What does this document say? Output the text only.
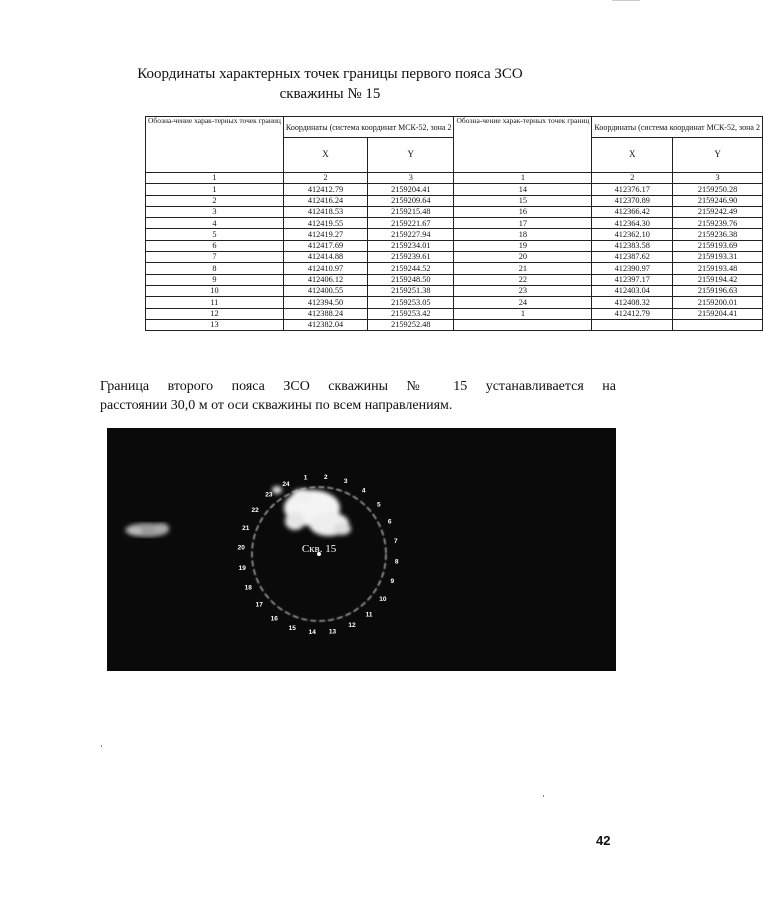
Координаты характерных точек границы первого пояса ЗСО
скважины № 15
Обозна-чение харак-терных точек границ	Координаты (система координат МСК-52, зона 2		Обозна-чение харак-терных точек границ	Координаты (система координат МСК-52, зона 2	
	X	Y		X	Y
1	2	3	1	2	3
1	412412.79	2159204.41	14	412376.17	2159250.28
2	412416.24	2159209.64	15	412370.89	2159246.90
3	412418.53	2159215.48	16	412366.42	2159242.49
4	412419.55	2159221.67	17	412364.30	2159239.76
5	412419.27	2159227.94	18	412362.10	2159236.38
6	412417.69	2159234.01	19	412383.58	2159193.69
7	412414.88	2159239.61	20	412387.62	2159193.31
8	412410.97	2159244.52	21	412390.97	2159193.48
9	412406.12	2159248.50	22	412397.17	2159194.42
10	412400.55	2159251.38	23	412403.04	2159196.63
11	412394.50	2159253.05	24	412408.32	2159200.01
12	412388.24	2159253.42	1	412412.79	2159204.41
13	412382.04	2159252.48			
Граница второго пояса ЗСО скважины № 15 устанавливается на
расстоянии 30,0 м от оси скважины по всем направлениям.
Скв. 15
1	2
3
4
5
6
7
8
9
10
11
12
13
14
15
16
17
18
19
20
21
22
23
24
42
